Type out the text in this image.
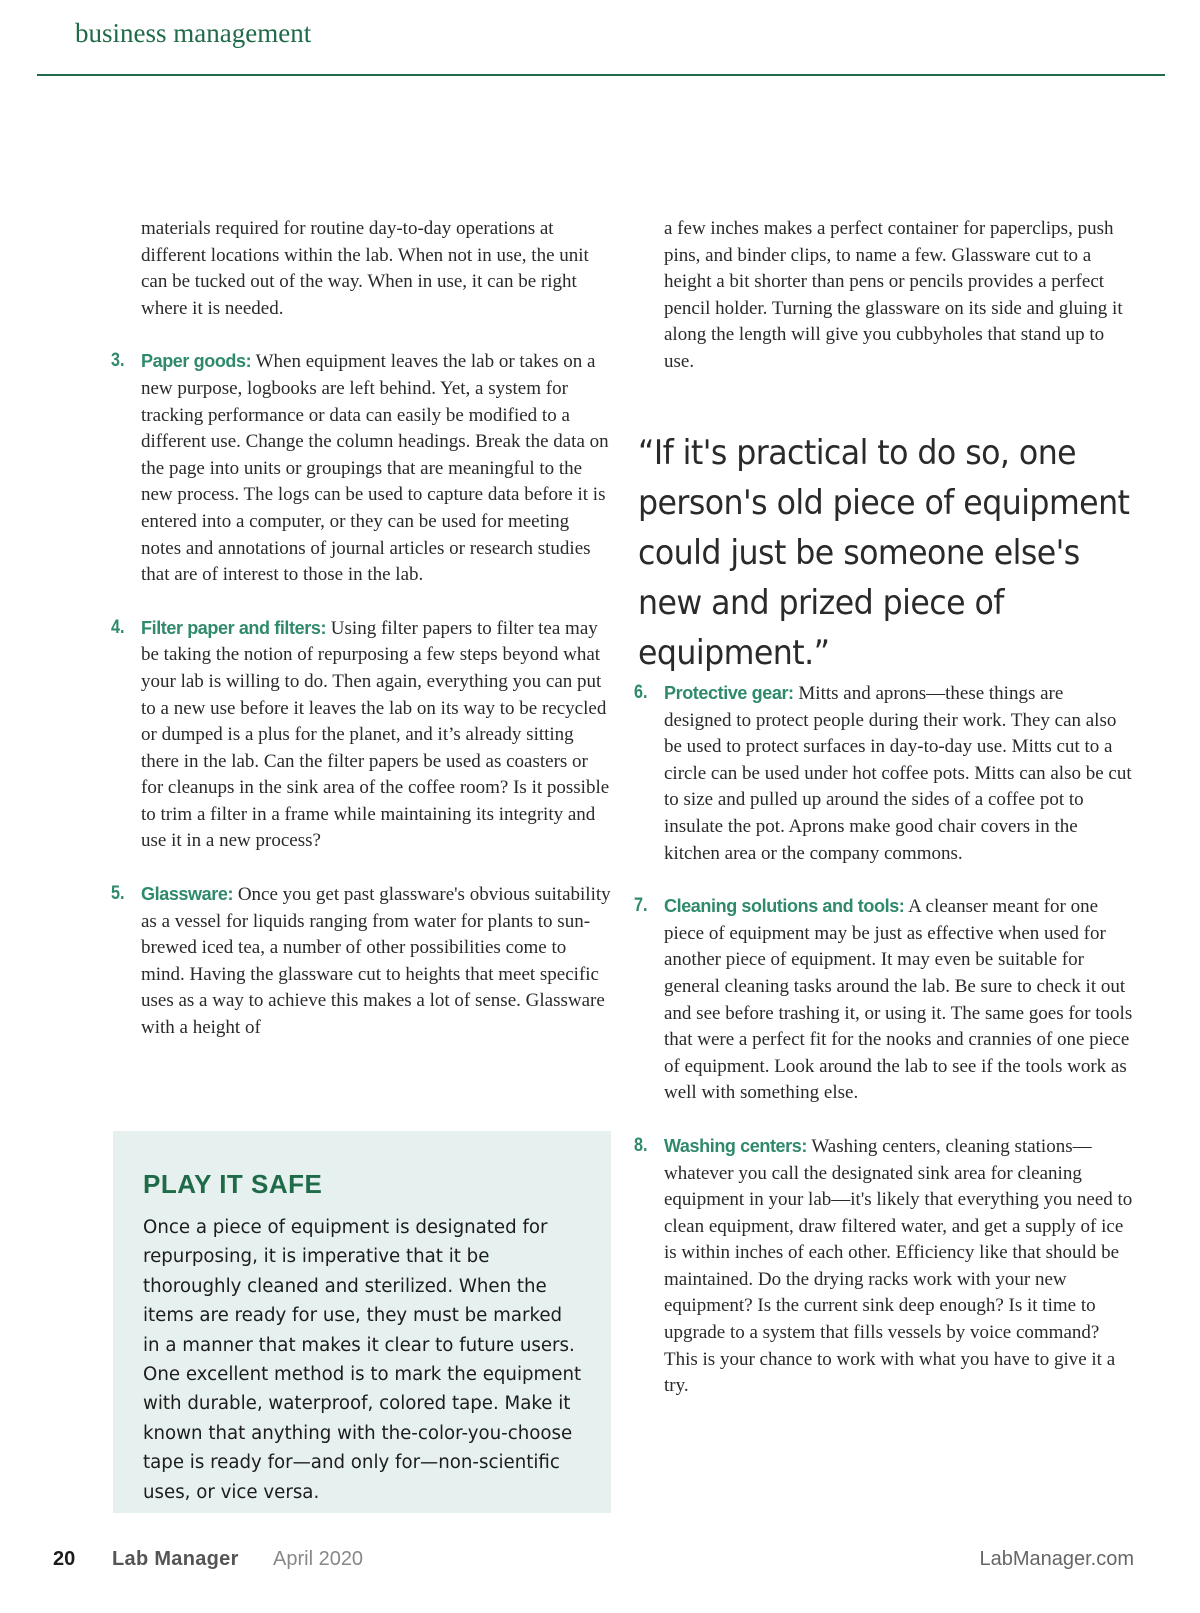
business management

materials required for routine day-to-day operations at different locations within the lab. When not in use, the unit can be tucked out of the way. When in use, it can be right where it is needed.

3. Paper goods: When equipment leaves the lab or takes on a new purpose, logbooks are left behind. Yet, a system for tracking performance or data can easily be modified to a different use. Change the column headings. Break the data on the page into units or groupings that are meaningful to the new process. The logs can be used to capture data before it is entered into a computer, or they can be used for meeting notes and annotations of journal articles or research studies that are of interest to those in the lab.
4. Filter paper and filters: Using filter papers to filter tea may be taking the notion of repurposing a few steps beyond what your lab is willing to do. Then again, everything you can put to a new use before it leaves the lab on its way to be recycled or dumped is a plus for the planet, and it’s already sitting there in the lab. Can the filter papers be used as coasters or for cleanups in the sink area of the coffee room? Is it possible to trim a filter in a frame while maintaining its integrity and use it in a new process?
5. Glassware: Once you get past glassware's obvious suitability as a vessel for liquids ranging from water for plants to sun-brewed iced tea, a number of other possibilities come to mind. Having the glassware cut to heights that meet specific uses as a way to achieve this makes a lot of sense. Glassware with a height of
PLAY IT SAFE
Once a piece of equipment is designated for repurposing, it is imperative that it be thoroughly cleaned and sterilized. When the items are ready for use, they must be marked in a manner that makes it clear to future users. One excellent method is to mark the equipment with durable, waterproof, colored tape. Make it known that anything with the-color-you-choose tape is ready for—and only for—non-scientific uses, or vice versa.

a few inches makes a perfect container for paperclips, push pins, and binder clips, to name a few. Glassware cut to a height a bit shorter than pens or pencils provides a perfect pencil holder. Turning the glassware on its side and gluing it along the length will give you cubbyholes that stand up to use.

“If it's practical to do so, one person's old piece of equipment could just be someone else's new and prized piece of equipment.”
6. Protective gear: Mitts and aprons—these things are designed to protect people during their work. They can also be used to protect surfaces in day-to-day use. Mitts cut to a circle can be used under hot coffee pots. Mitts can also be cut to size and pulled up around the sides of a coffee pot to insulate the pot. Aprons make good chair covers in the kitchen area or the company commons.
7. Cleaning solutions and tools: A cleanser meant for one piece of equipment may be just as effective when used for another piece of equipment. It may even be suitable for general cleaning tasks around the lab. Be sure to check it out and see before trashing it, or using it. The same goes for tools that were a perfect fit for the nooks and crannies of one piece of equipment. Look around the lab to see if the tools work as well with something else.
8. Washing centers: Washing centers, cleaning stations—whatever you call the designated sink area for cleaning equipment in your lab—it's likely that everything you need to clean equipment, draw filtered water, and get a supply of ice is within inches of each other. Efficiency like that should be maintained. Do the drying racks work with your new equipment? Is the current sink deep enough? Is it time to upgrade to a system that fills vessels by voice command? This is your chance to work with what you have to give it a try.
20 Lab Manager April 2020	LabManager.com
